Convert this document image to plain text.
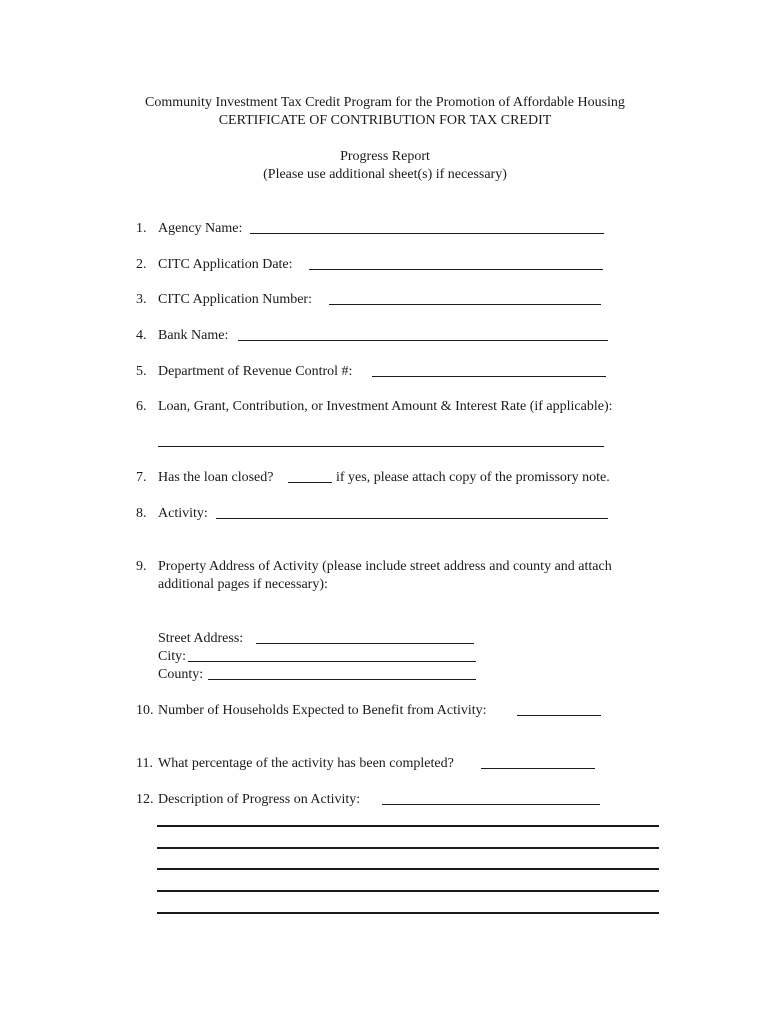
Community Investment Tax Credit Program for the Promotion of Affordable Housing
CERTIFICATE OF CONTRIBUTION FOR TAX CREDIT
Progress Report
(Please use additional sheet(s) if necessary)
1. Agency Name:
2. CITC Application Date:
3. CITC Application Number:
4. Bank Name:
5. Department of Revenue Control #:
6. Loan, Grant, Contribution, or Investment Amount & Interest Rate (if applicable):
7. Has the loan closed?	if yes, please attach copy of the promissory note.
8. Activity:
9. Property Address of Activity (please include street address and county and attach
additional pages if necessary):
Street Address:
City:
County:
10. Number of Households Expected to Benefit from Activity:
11. What percentage of the activity has been completed?
12. Description of Progress on Activity:
